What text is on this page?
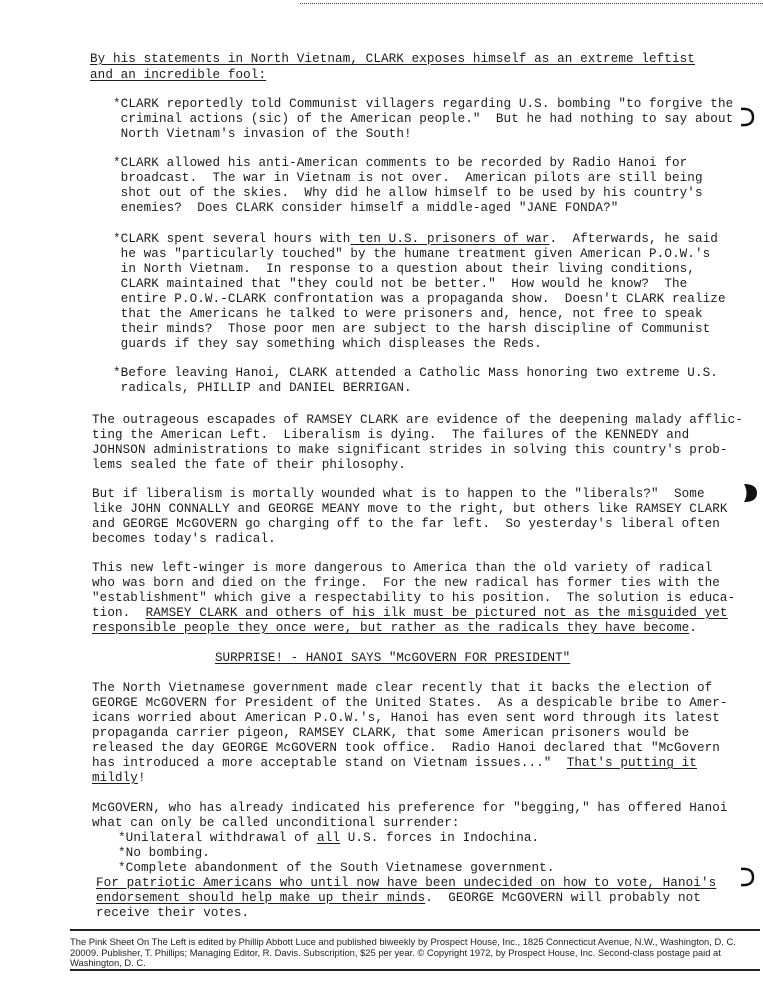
By his statements in North Vietnam, CLARK exposes himself as an extreme leftist
and an incredible fool:
*CLARK reportedly told Communist villagers regarding U.S. bombing "to forgive the
criminal actions (sic) of the American people."  But he had nothing to say about
North Vietnam's invasion of the South!
*CLARK allowed his anti-American comments to be recorded by Radio Hanoi for
broadcast.  The war in Vietnam is not over.  American pilots are still being
shot out of the skies.  Why did he allow himself to be used by his country's
enemies?  Does CLARK consider himself a middle-aged "JANE FONDA?"
*CLARK spent several hours with ten U.S. prisoners of war.  Afterwards, he said
he was "particularly touched" by the humane treatment given American P.O.W.'s
in North Vietnam.  In response to a question about their living conditions,
CLARK maintained that "they could not be better."  How would he know?  The
entire P.O.W.-CLARK confrontation was a propaganda show.  Doesn't CLARK realize
that the Americans he talked to were prisoners and, hence, not free to speak
their minds?  Those poor men are subject to the harsh discipline of Communist
guards if they say something which displeases the Reds.
*Before leaving Hanoi, CLARK attended a Catholic Mass honoring two extreme U.S.
radicals, PHILLIP and DANIEL BERRIGAN.
The outrageous escapades of RAMSEY CLARK are evidence of the deepening malady afflic-
ting the American Left.  Liberalism is dying.  The failures of the KENNEDY and
JOHNSON administrations to make significant strides in solving this country's prob-
lems sealed the fate of their philosophy.
But if liberalism is mortally wounded what is to happen to the "liberals?"  Some
like JOHN CONNALLY and GEORGE MEANY move to the right, but others like RAMSEY CLARK
and GEORGE McGOVERN go charging off to the far left.  So yesterday's liberal often
becomes today's radical.
This new left-winger is more dangerous to America than the old variety of radical
who was born and died on the fringe.  For the new radical has former ties with the
"establishment" which give a respectability to his position.  The solution is educa-
tion.  RAMSEY CLARK and others of his ilk must be pictured not as the misguided yet
responsible people they once were, but rather as the radicals they have become.
SURPRISE! - HANOI SAYS "McGOVERN FOR PRESIDENT"
The North Vietnamese government made clear recently that it backs the election of
GEORGE McGOVERN for President of the United States.  As a despicable bribe to Amer-
icans worried about American P.O.W.'s, Hanoi has even sent word through its latest
propaganda carrier pigeon, RAMSEY CLARK, that some American prisoners would be
released the day GEORGE McGOVERN took office.  Radio Hanoi declared that "McGovern
has introduced a more acceptable stand on Vietnam issues..."  That's putting it
mildly!
McGOVERN, who has already indicated his preference for "begging," has offered Hanoi
what can only be called unconditional surrender:
*Unilateral withdrawal of all U.S. forces in Indochina.
*No bombing.
*Complete abandonment of the South Vietnamese government.
For patriotic Americans who until now have been undecided on how to vote, Hanoi's
endorsement should help make up their minds.  GEORGE McGOVERN will probably not
receive their votes.
The Pink Sheet On The Left is edited by Phillip Abbott Luce and published biweekly by Prospect House, Inc., 1825 Connecticut Avenue, N.W., Washington, D. C. 20009. Publisher, T. Phillips; Managing Editor, R. Davis. Subscription, $25 per year. © Copyright 1972, by Prospect House, Inc. Second-class postage paid at Washington, D. C.
